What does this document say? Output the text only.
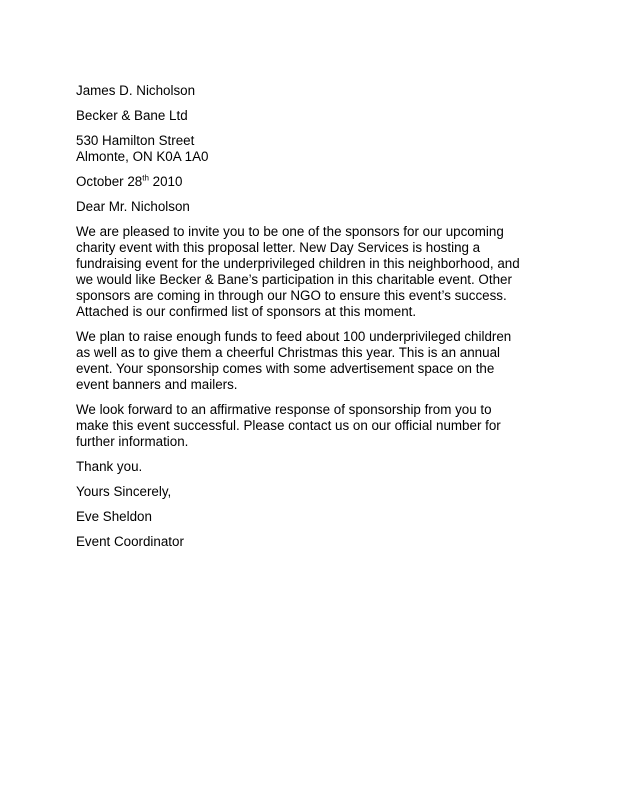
James D. Nicholson
Becker & Bane Ltd
530 Hamilton Street
Almonte, ON K0A 1A0
October 28th 2010
Dear Mr. Nicholson
We are pleased to invite you to be one of the sponsors for our upcoming
charity event with this proposal letter. New Day Services is hosting a
fundraising event for the underprivileged children in this neighborhood, and
we would like Becker & Bane’s participation in this charitable event. Other
sponsors are coming in through our NGO to ensure this event’s success.
Attached is our confirmed list of sponsors at this moment.
We plan to raise enough funds to feed about 100 underprivileged children
as well as to give them a cheerful Christmas this year. This is an annual
event. Your sponsorship comes with some advertisement space on the
event banners and mailers.
We look forward to an affirmative response of sponsorship from you to
make this event successful. Please contact us on our official number for
further information.
Thank you.
Yours Sincerely,
Eve Sheldon
Event Coordinator
